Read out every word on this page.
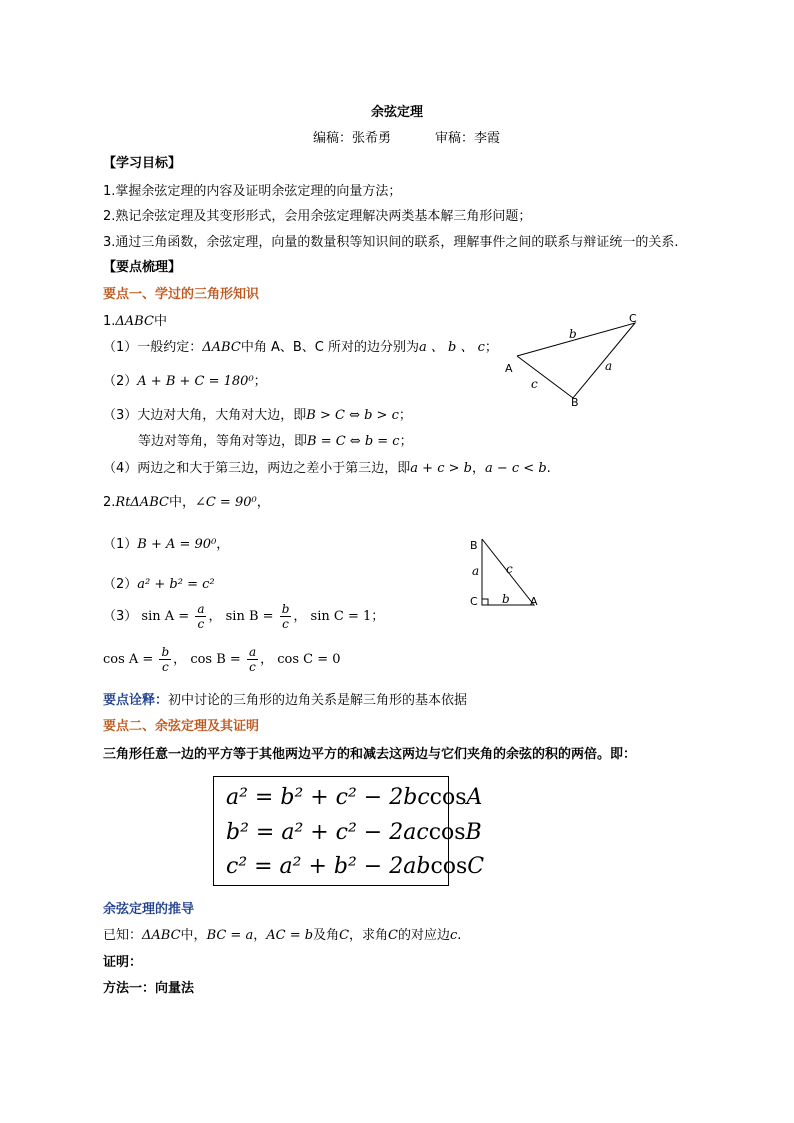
余弦定理
编稿：张希勇	审稿：李霞
【学习目标】
1.掌握余弦定理的内容及证明余弦定理的向量方法；
2.熟记余弦定理及其变形形式，会用余弦定理解决两类基本解三角形问题；
3.通过三角函数，余弦定理，向量的数量积等知识间的联系，理解事件之间的联系与辩证统一的关系.
【要点梳理】
要点一、学过的三角形知识
1.ΔABC中
（1）一般约定：ΔABC中角 A、B、C 所对的边分别为a 、 b 、 c；
（2）A + B + C = 180⁰；
（3）大边对大角，大角对大边，即B > C ⇔ b > c；
等边对等角，等角对等边，即B = C ⇔ b = c；
（4）两边之和大于第三边，两边之差小于第三边，即a + c > b，a − c < b.
A
C
B
b
a
c
2.RtΔABC中，∠C = 90⁰，
（1）B + A = 90⁰，
（2）a² + b² = c²
B
C	A
a c
b
（3） $\sin A = \frac{a}{c}$ ， $\sin B = \frac{b}{c}$ ， sin C = 1；
$\cos A = \frac{b}{c}$ ， $\cos B = \frac{a}{c}$ ， cos C = 0
要点诠释：初中讨论的三角形的边角关系是解三角形的基本依据
要点二、余弦定理及其证明
三角形任意一边的平方等于其他两边平方的和减去这两边与它们夹角的余弦的积的两倍。即：
a² = b² + c² − 2bccosA
b² = a² + c² − 2accosB
c² = a² + b² − 2abcosC
余弦定理的推导
已知：ΔABC中，BC = a，AC = b及角C，求角C的对应边c.
证明：
方法一：向量法
